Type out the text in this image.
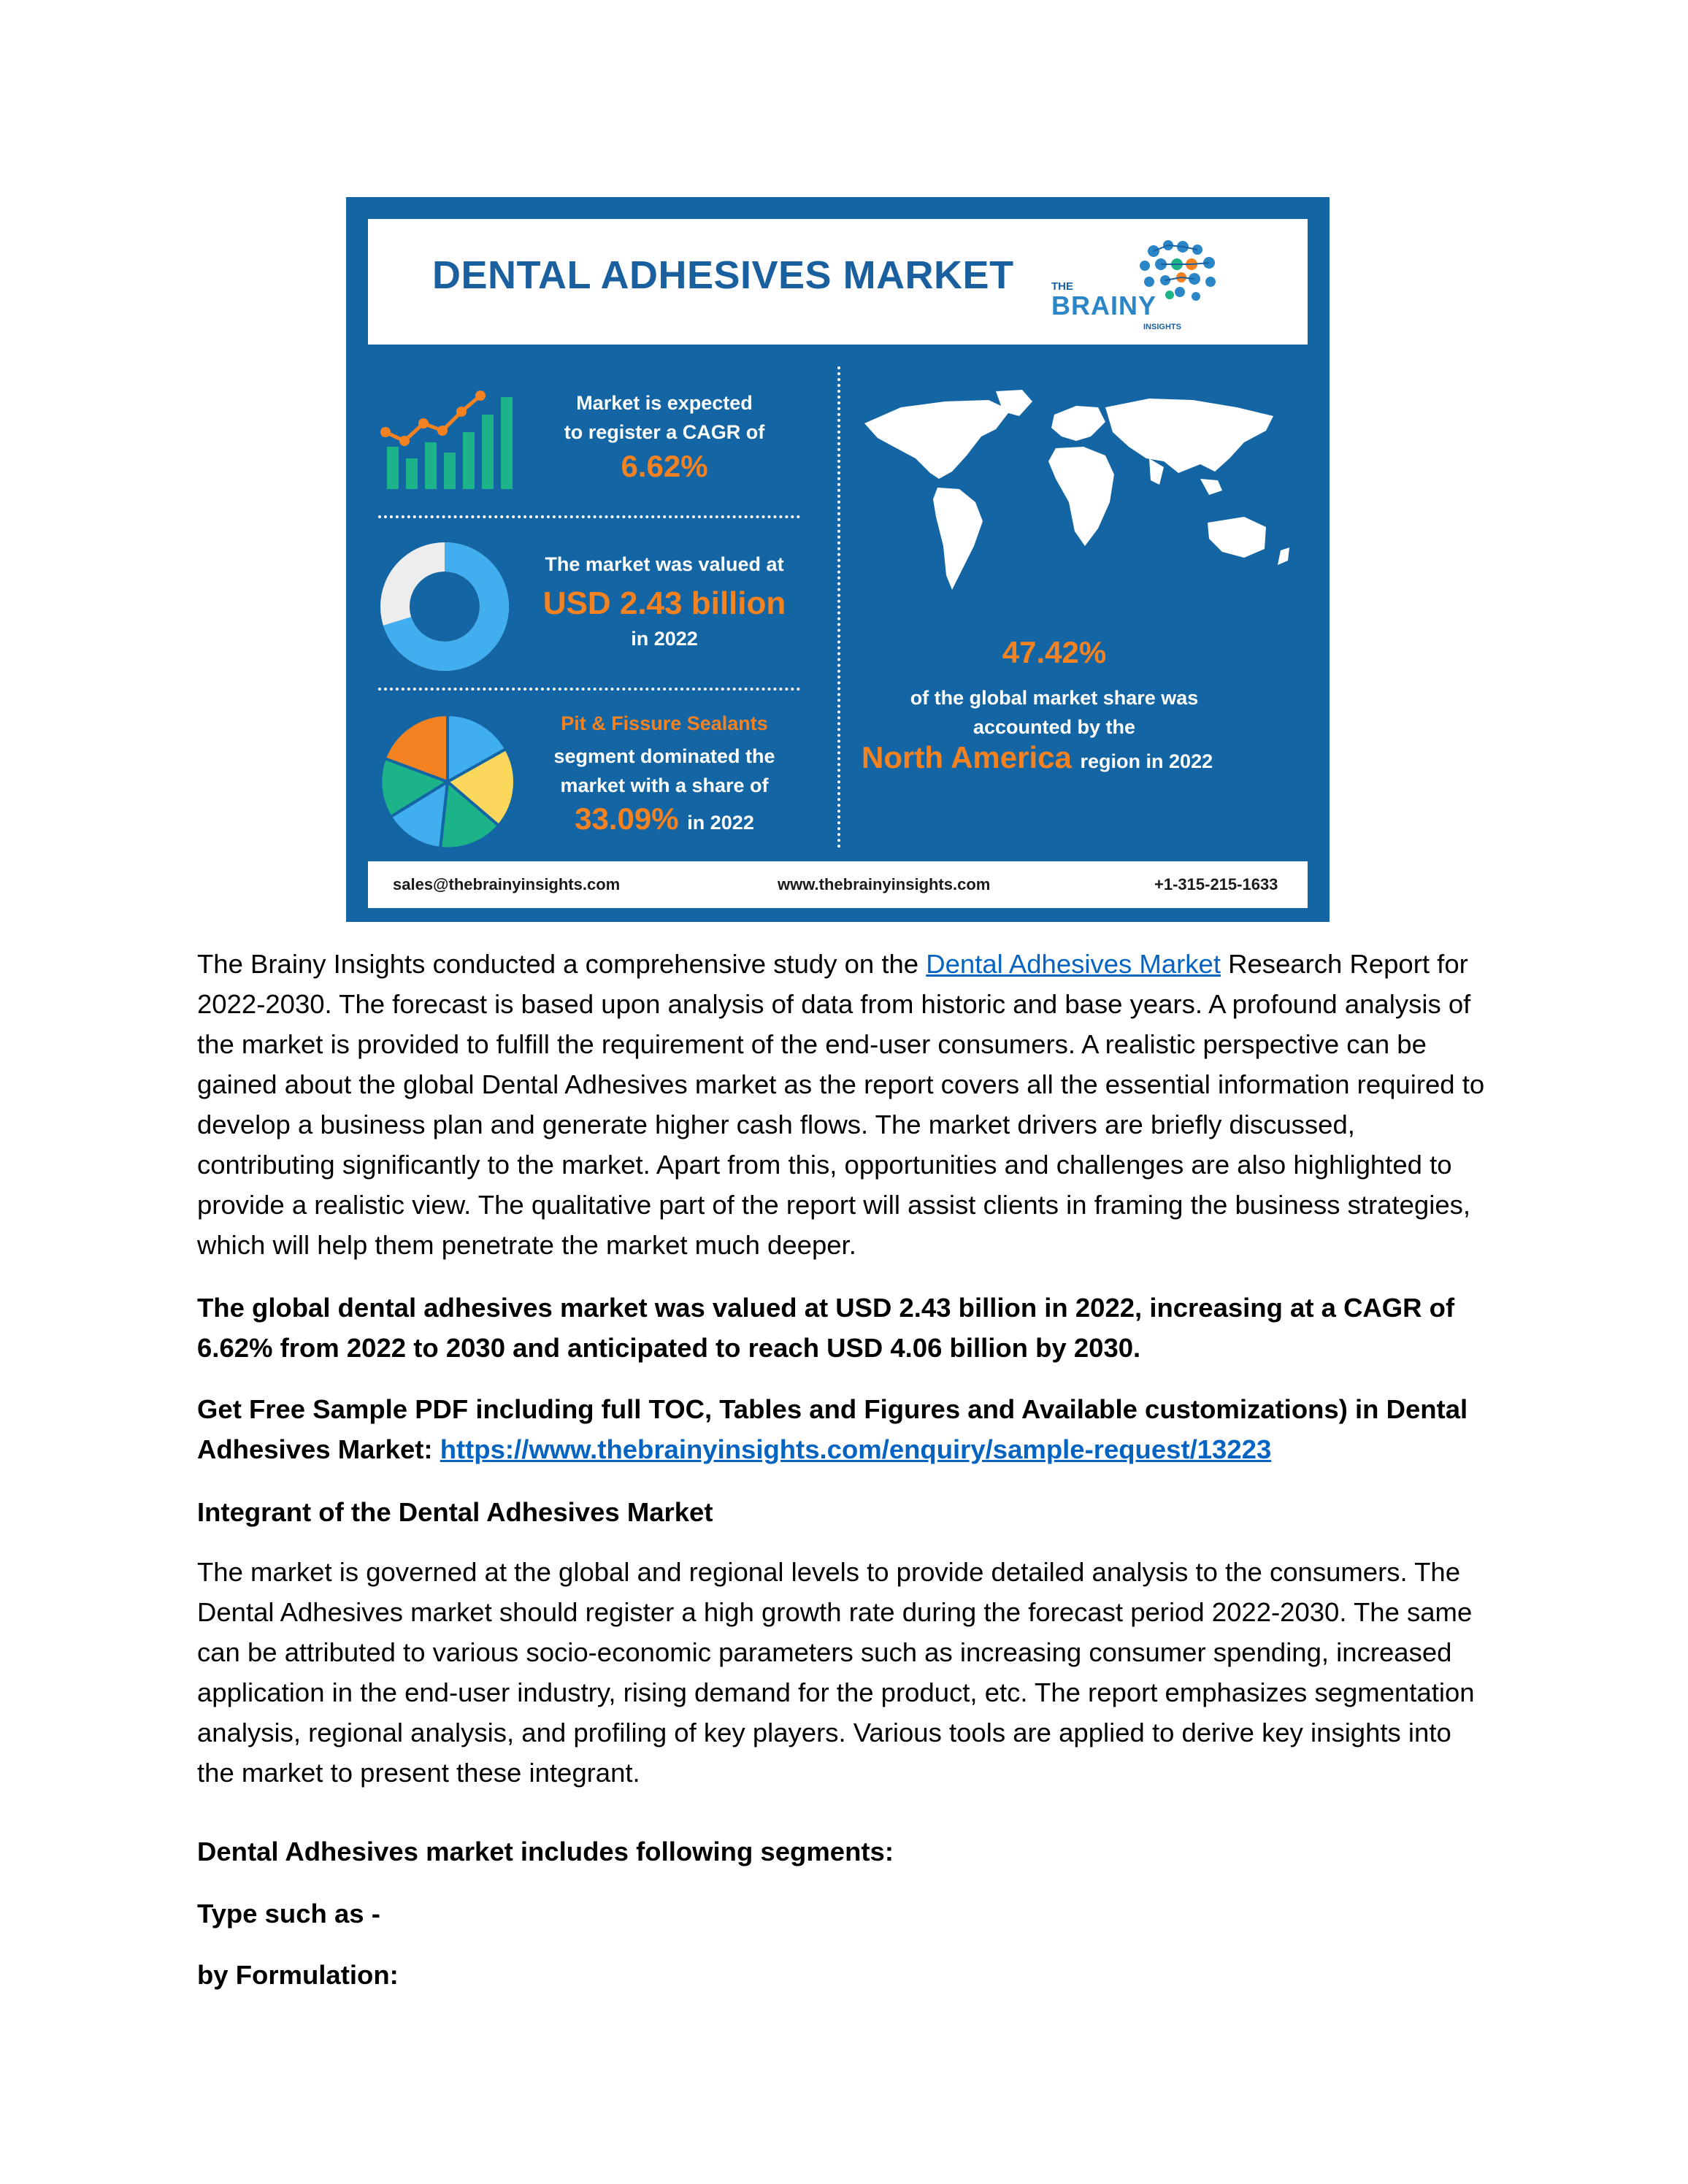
DENTAL ADHESIVES MARKET	THE
BRAINY
INSIGHTS
Market is expected
to register a CAGR of
6.62%
The market was valued at
USD 2.43 billion
in 2022
Pit & Fissure Sealants
segment dominated the
market with a share of
33.09% in 2022
47.42%
of the global market share was
accounted by the
North America region in 2022
sales@thebrainyinsights.com	www.thebrainyinsights.com	+1-315-215-1633

The Brainy Insights conducted a comprehensive study on the Dental Adhesives Market Research Report for 2022-2030. The forecast is based upon analysis of data from historic and base years. A profound analysis of the market is provided to fulfill the requirement of the end-user consumers. A realistic perspective can be gained about the global Dental Adhesives market as the report covers all the essential information required to develop a business plan and generate higher cash flows. The market drivers are briefly discussed, contributing significantly to the market. Apart from this, opportunities and challenges are also highlighted to provide a realistic view. The qualitative part of the report will assist clients in framing the business strategies, which will help them penetrate the market much deeper.

The global dental adhesives market was valued at USD 2.43 billion in 2022, increasing at a CAGR of 6.62% from 2022 to 2030 and anticipated to reach USD 4.06 billion by 2030.

Get Free Sample PDF including full TOC, Tables and Figures and Available customizations) in Dental Adhesives Market: https://www.thebrainyinsights.com/enquiry/sample-request/13223

Integrant of the Dental Adhesives Market

The market is governed at the global and regional levels to provide detailed analysis to the consumers. The Dental Adhesives market should register a high growth rate during the forecast period 2022-2030. The same can be attributed to various socio-economic parameters such as increasing consumer spending, increased application in the end-user industry, rising demand for the product, etc. The report emphasizes segmentation analysis, regional analysis, and profiling of key players. Various tools are applied to derive key insights into the market to present these integrant.

Dental Adhesives market includes following segments:

Type such as -

by Formulation:
